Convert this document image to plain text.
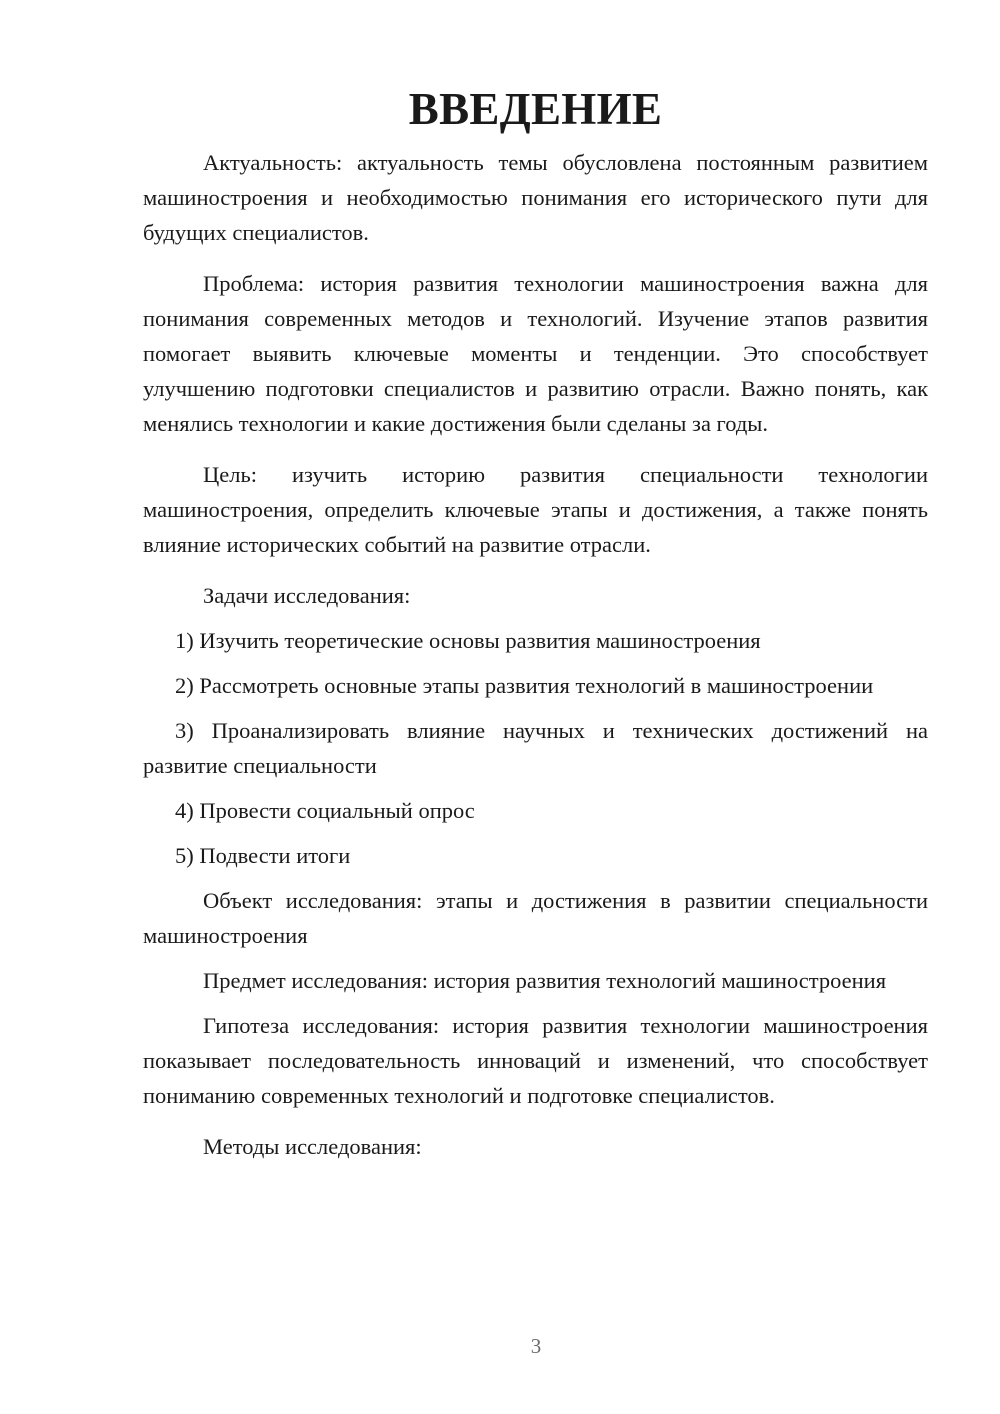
ВВЕДЕНИЕ

Актуальность: актуальность темы обусловлена постоянным развитием машиностроения и необходимостью понимания его исторического пути для будущих специалистов.

Проблема: история развития технологии машиностроения важна для понимания современных методов и технологий. Изучение этапов развития помогает выявить ключевые моменты и тенденции. Это способствует улучшению подготовки специалистов и развитию отрасли. Важно понять, как менялись технологии и какие достижения были сделаны за годы.

Цель: изучить историю развития специальности технологии машиностроения, определить ключевые этапы и достижения, а также понять влияние исторических событий на развитие отрасли.

Задачи исследования:

1) Изучить теоретические основы развития машиностроения

2) Рассмотреть основные этапы развития технологий в машиностроении

3) Проанализировать влияние научных и технических достижений на развитие специальности

4) Провести социальный опрос

5) Подвести итоги

Объект исследования: этапы и достижения в развитии специальности машиностроения

Предмет исследования: история развития технологий машиностроения

Гипотеза исследования: история развития технологии машиностроения показывает последовательность инноваций и изменений, что способствует пониманию современных технологий и подготовке специалистов.

Методы исследования:

3
